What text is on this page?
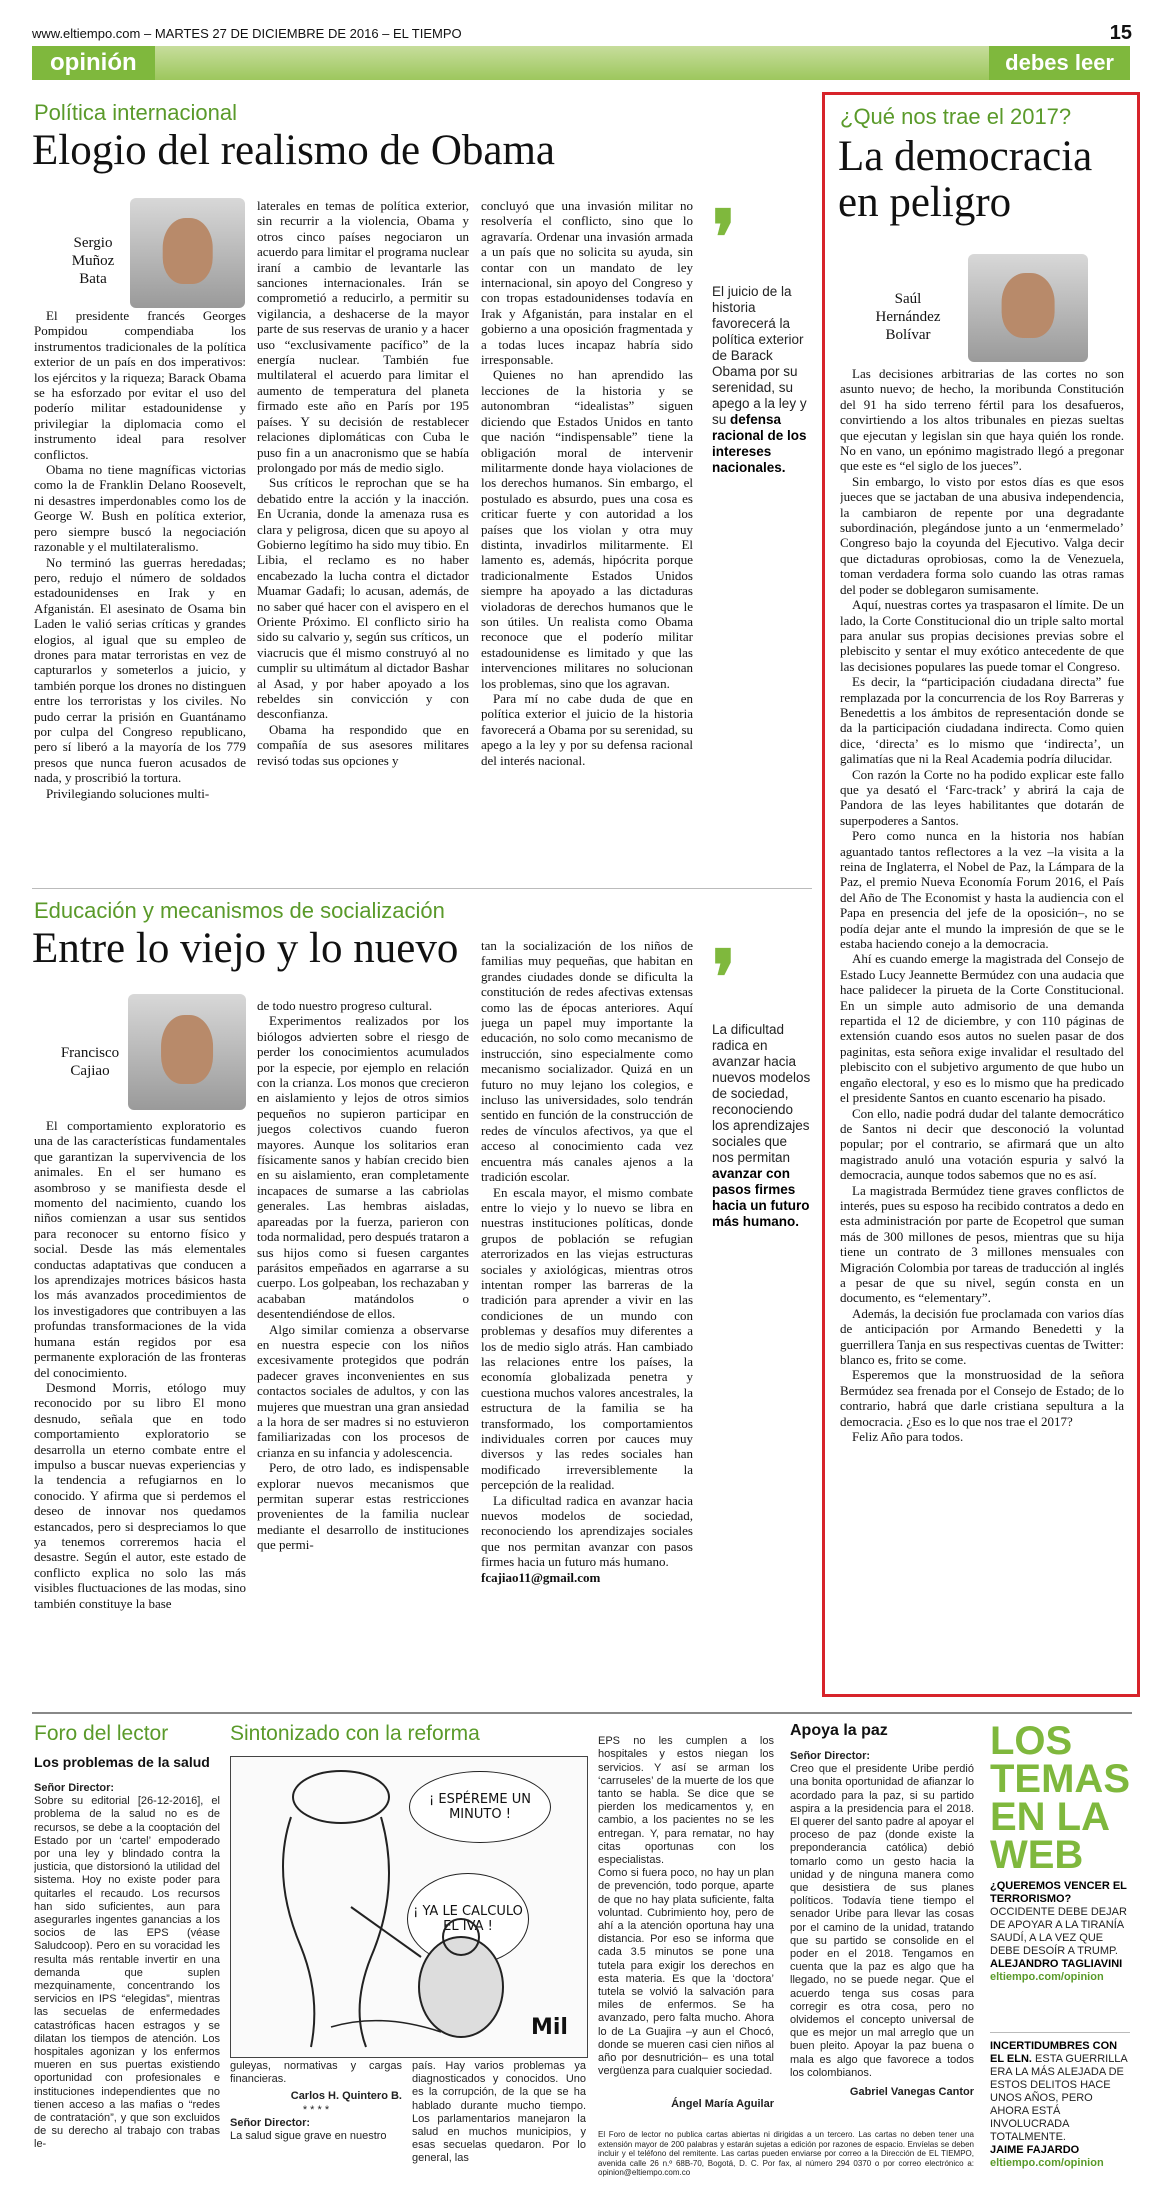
www.eltiempo.com – MARTES 27 DE DICIEMBRE DE 2016 – EL TIEMPO	15
opinión	debes leer
Política internacional
Elogio del realismo de Obama
Sergio
Muñoz
Bata

El presidente francés Georges Pompidou compendiaba los instrumentos tradicionales de la política exterior de un país en dos imperativos: los ejércitos y la riqueza; Barack Obama se ha esforzado por evitar el uso del poderío militar estadounidense y privilegiar la diplomacia como el instrumento ideal para resolver conflictos.

Obama no tiene magníficas victorias como la de Franklin Delano Roosevelt, ni desastres imperdonables como los de George W. Bush en política exterior, pero siempre buscó la negociación razonable y el multilateralismo.

No terminó las guerras heredadas; pero, redujo el número de soldados estadounidenses en Irak y en Afganistán. El asesinato de Osama bin Laden le valió serias críticas y grandes elogios, al igual que su empleo de drones para matar terroristas en vez de capturarlos y someterlos a juicio, y también porque los drones no distinguen entre los terroristas y los civiles. No pudo cerrar la prisión en Guantánamo por culpa del Congreso republicano, pero sí liberó a la mayoría de los 779 presos que nunca fueron acusados de nada, y proscribió la tortura.

Privilegiando soluciones multi-

laterales en temas de política exterior, sin recurrir a la violencia, Obama y otros cinco países negociaron un acuerdo para limitar el programa nuclear iraní a cambio de levantarle las sanciones internacionales. Irán se comprometió a reducirlo, a permitir su vigilancia, a deshacerse de la mayor parte de sus reservas de uranio y a hacer uso “exclusivamente pacífico” de la energía nuclear. También fue multilateral el acuerdo para limitar el aumento de temperatura del planeta firmado este año en París por 195 países. Y su decisión de restablecer relaciones diplomáticas con Cuba le puso fin a un anacronismo que se había prolongado por más de medio siglo.

Sus críticos le reprochan que se ha debatido entre la acción y la inacción. En Ucrania, donde la amenaza rusa es clara y peligrosa, dicen que su apoyo al Gobierno legítimo ha sido muy tibio. En Libia, el reclamo es no haber encabezado la lucha contra el dictador Muamar Gadafi; lo acusan, además, de no saber qué hacer con el avispero en el Oriente Próximo. El conflicto sirio ha sido su calvario y, según sus críticos, un viacrucis que él mismo construyó al no cumplir su ultimátum al dictador Bashar al Asad, y por haber apoyado a los rebeldes sin convicción y con desconfianza.

Obama ha respondido que en compañía de sus asesores militares revisó todas sus opciones y

concluyó que una invasión militar no resolvería el conflicto, sino que lo agravaría. Ordenar una invasión armada a un país que no solicita su ayuda, sin contar con un mandato de ley internacional, sin apoyo del Congreso y con tropas estadounidenses todavía en Irak y Afganistán, para instalar en el gobierno a una oposición fragmentada y a todas luces incapaz habría sido irresponsable.

Quienes no han aprendido las lecciones de la historia y se autonombran “idealistas” siguen diciendo que Estados Unidos en tanto que nación “indispensable” tiene la obligación moral de intervenir militarmente donde haya violaciones de los derechos humanos. Sin embargo, el postulado es absurdo, pues una cosa es criticar fuerte y con autoridad a los países que los violan y otra muy distinta, invadirlos militarmente. El lamento es, además, hipócrita porque tradicionalmente Estados Unidos siempre ha apoyado a las dictaduras violadoras de derechos humanos que le son útiles. Un realista como Obama reconoce que el poderío militar estadounidense es limitado y que las intervenciones militares no solucionan los problemas, sino que los agravan.

Para mí no cabe duda de que en política exterior el juicio de la historia favorecerá a Obama por su serenidad, su apego a la ley y por su defensa racional del interés nacional.

❜
El juicio de la historia favorecerá la política exterior de Barack Obama por su serenidad, su apego a la ley y su defensa racional de los intereses nacionales.
Educación y mecanismos de socialización
Entre lo viejo y lo nuevo
Francisco
Cajiao

El comportamiento exploratorio es una de las características fundamentales que garantizan la supervivencia de los animales. En el ser humano es asombroso y se manifiesta desde el momento del nacimiento, cuando los niños comienzan a usar sus sentidos para reconocer su entorno físico y social. Desde las más elementales conductas adaptativas que conducen a los aprendizajes motrices básicos hasta los más avanzados procedimientos de los investigadores que contribuyen a las profundas transformaciones de la vida humana están regidos por esa permanente exploración de las fronteras del conocimiento.

Desmond Morris, etólogo muy reconocido por su libro El mono desnudo, señala que en todo comportamiento exploratorio se desarrolla un eterno combate entre el impulso a buscar nuevas experiencias y la tendencia a refugiarnos en lo conocido. Y afirma que si perdemos el deseo de innovar nos quedamos estancados, pero si despreciamos lo que ya tenemos correremos hacia el desastre. Según el autor, este estado de conflicto explica no solo las más visibles fluctuaciones de las modas, sino también constituye la base

de todo nuestro progreso cultural.

Experimentos realizados por los biólogos advierten sobre el riesgo de perder los conocimientos acumulados por la especie, por ejemplo en relación con la crianza. Los monos que crecieron en aislamiento y lejos de otros simios pequeños no supieron participar en juegos colectivos cuando fueron mayores. Aunque los solitarios eran físicamente sanos y habían crecido bien en su aislamiento, eran completamente incapaces de sumarse a las cabriolas generales. Las hembras aisladas, apareadas por la fuerza, parieron con toda normalidad, pero después trataron a sus hijos como si fuesen cargantes parásitos empeñados en agarrarse a su cuerpo. Los golpeaban, los rechazaban y acababan matándolos o desentendiéndose de ellos.

Algo similar comienza a observarse en nuestra especie con los niños excesivamente protegidos que podrán padecer graves inconvenientes en sus contactos sociales de adultos, y con las mujeres que muestran una gran ansiedad a la hora de ser madres si no estuvieron familiarizadas con los procesos de crianza en su infancia y adolescencia.

Pero, de otro lado, es indispensable explorar nuevos mecanismos que permitan superar estas restricciones provenientes de la familia nuclear mediante el desarrollo de instituciones que permi-

tan la socialización de los niños de familias muy pequeñas, que habitan en grandes ciudades donde se dificulta la constitución de redes afectivas extensas como las de épocas anteriores. Aquí juega un papel muy importante la educación, no solo como mecanismo de instrucción, sino especialmente como mecanismo socializador. Quizá en un futuro no muy lejano los colegios, e incluso las universidades, solo tendrán sentido en función de la construcción de redes de vínculos afectivos, ya que el acceso al conocimiento cada vez encuentra más canales ajenos a la tradición escolar.

En escala mayor, el mismo combate entre lo viejo y lo nuevo se libra en nuestras instituciones políticas, donde grupos de población se refugian aterrorizados en las viejas estructuras sociales y axiológicas, mientras otros intentan romper las barreras de la tradición para aprender a vivir en las condiciones de un mundo con problemas y desafíos muy diferentes a los de medio siglo atrás. Han cambiado las relaciones entre los países, la economía globalizada penetra y cuestiona muchos valores ancestrales, la estructura de la familia se ha transformado, los comportamientos individuales corren por cauces muy diversos y las redes sociales han modificado irreversiblemente la percepción de la realidad.

La dificultad radica en avanzar hacia nuevos modelos de sociedad, reconociendo los aprendizajes sociales que nos permitan avanzar con pasos firmes hacia un futuro más humano.

fcajiao11@gmail.com

❜
La dificultad radica en avanzar hacia nuevos modelos de sociedad, reconociendo los aprendizajes sociales que nos permitan avanzar con pasos firmes hacia un futuro más humano.
¿Qué nos trae el 2017?
La democracia en peligro
Saúl
Hernández
Bolívar

Las decisiones arbitrarias de las cortes no son asunto nuevo; de hecho, la moribunda Constitución del 91 ha sido terreno fértil para los desafueros, convirtiendo a los altos tribunales en piezas sueltas que ejecutan y legislan sin que haya quién los ronde. No en vano, un epónimo magistrado llegó a pregonar que este es “el siglo de los jueces”.

Sin embargo, lo visto por estos días es que esos jueces que se jactaban de una abusiva independencia, la cambiaron de repente por una degradante subordinación, plegándose junto a un ‘enmermelado’ Congreso bajo la coyunda del Ejecutivo. Valga decir que dictaduras oprobiosas, como la de Venezuela, toman verdadera forma solo cuando las otras ramas del poder se doblegaron sumisamente.

Aquí, nuestras cortes ya traspasaron el límite. De un lado, la Corte Constitucional dio un triple salto mortal para anular sus propias decisiones previas sobre el plebiscito y sentar el muy exótico antecedente de que las decisiones populares las puede tomar el Congreso.

Es decir, la “participación ciudadana directa” fue remplazada por la concurrencia de los Roy Barreras y Benedettis a los ámbitos de representación donde se da la participación ciudadana indirecta. Como quien dice, ‘directa’ es lo mismo que ‘indirecta’, un galimatías que ni la Real Academia podría dilucidar.

Con razón la Corte no ha podido explicar este fallo que ya desató el ‘Farc-track’ y abrirá la caja de Pandora de las leyes habilitantes que dotarán de superpoderes a Santos.

Pero como nunca en la historia nos habían aguantado tantos reflectores a la vez –la visita a la reina de Inglaterra, el Nobel de Paz, la Lámpara de la Paz, el premio Nueva Economía Forum 2016, el País del Año de The Economist y hasta la audiencia con el Papa en presencia del jefe de la oposición–, no se podía dejar ante el mundo la impresión de que se le estaba haciendo conejo a la democracia.

Ahí es cuando emerge la magistrada del Consejo de Estado Lucy Jeannette Bermúdez con una audacia que hace palidecer la pirueta de la Corte Constitucional. En un simple auto admisorio de una demanda repartida el 12 de diciembre, y con 110 páginas de extensión cuando esos autos no suelen pasar de dos paginitas, esta señora exige invalidar el resultado del plebiscito con el subjetivo argumento de que hubo un engaño electoral, y eso es lo mismo que ha predicado el presidente Santos en cuanto escenario ha pisado.

Con ello, nadie podrá dudar del talante democrático de Santos ni decir que desconoció la voluntad popular; por el contrario, se afirmará que un alto magistrado anuló una votación espuria y salvó la democracia, aunque todos sabemos que no es así.

La magistrada Bermúdez tiene graves conflictos de interés, pues su esposo ha recibido contratos a dedo en esta administración por parte de Ecopetrol que suman más de 300 millones de pesos, mientras que su hija tiene un contrato de 3 millones mensuales con Migración Colombia por tareas de traducción al inglés a pesar de que su nivel, según consta en un documento, es “elementary”.

Además, la decisión fue proclamada con varios días de anticipación por Armando Benedetti y la guerrillera Tanja en sus respectivas cuentas de Twitter: blanco es, frito se come.

Esperemos que la monstruosidad de la señora Bermúdez sea frenada por el Consejo de Estado; de lo contrario, habrá que darle cristiana sepultura a la democracia. ¿Eso es lo que nos trae el 2017?

Feliz Año para todos.

Foro del lector
Los problemas de la salud

Señor Director:

Sobre su editorial [26-12-2016], el problema de la salud no es de recursos, se debe a la cooptación del Estado por un ‘cartel’ empoderado por una ley y blindado contra la justicia, que distorsionó la utilidad del sistema. Hoy no existe poder para quitarles el recaudo. Los recursos han sido suficientes, aun para asegurarles ingentes ganancias a los socios de las EPS (véase Saludcoop). Pero en su voracidad les resulta más rentable invertir en una demanda que suplen mezquinamente, concentrando los servicios en IPS “elegidas”, mientras las secuelas de enfermedades catastróficas hacen estragos y se dilatan los tiempos de atención. Los hospitales agonizan y los enfermos mueren en sus puertas existiendo oportunidad con profesionales e instituciones independientes que no tienen acceso a las mafias o “redes de contratación”, y que son excluidos de su derecho al trabajo con trabas le-

Sintonizado con la reforma
¡ ESPÉREME UN MINUTO !
¡ YA LE CALCULO EL IVA !
Mil

guleyas, normativas y cargas financieras.

Carlos H. Quintero B.

* * * *

Señor Director:

La salud sigue grave en nuestro

país. Hay varios problemas ya diagnosticados y conocidos. Uno es la corrupción, de la que se ha hablado durante mucho tiempo. Los parlamentarios manejaron la salud en muchos municipios, y esas secuelas quedaron. Por lo general, las

EPS no les cumplen a los hospitales y estos niegan los servicios. Y así se arman los ‘carruseles’ de la muerte de los que tanto se habla. Se dice que se pierden los medicamentos y, en cambio, a los pacientes no se les entregan. Y, para rematar, no hay citas oportunas con los especialistas.
Como si fuera poco, no hay un plan de prevención, todo porque, aparte de que no hay plata suficiente, falta voluntad. Cubrimiento hoy, pero de ahí a la atención oportuna hay una distancia. Por eso se informa que cada 3.5 minutos se pone una tutela para exigir los derechos en esta materia. Es que la ‘doctora’ tutela se volvió la salvación para miles de enfermos. Se ha avanzado, pero falta mucho. Ahora lo de La Guajira –y aun el Chocó, donde se mueren casi cien niños al año por desnutrición– es una total vergüenza para cualquier sociedad.

Ángel María Aguilar

El Foro de lector no publica cartas abiertas ni dirigidas a un tercero. Las cartas no deben tener una extensión mayor de 200 palabras y estarán sujetas a edición por razones de espacio. Envíelas se deben incluir y el teléfono del remitente. Las cartas pueden enviarse por correo a la Dirección de EL TIEMPO, avenida calle 26 n.º 68B-70, Bogotá, D. C. Por fax, al número 294 0370 o por correo electrónico a: opinion@eltiempo.com.co

Apoya la paz

Señor Director:

Creo que el presidente Uribe perdió una bonita oportunidad de afianzar lo acordado para la paz, si su partido aspira a la presidencia para el 2018. El querer del santo padre al apoyar el proceso de paz (donde existe la preponderancia católica) debió tomarlo como un gesto hacia la unidad y de ninguna manera como que desistiera de sus planes políticos. Todavía tiene tiempo el senador Uribe para llevar las cosas por el camino de la unidad, tratando que su partido se consolide en el poder en el 2018. Tengamos en cuenta que la paz es algo que ha llegado, no se puede negar. Que el acuerdo tenga sus cosas para corregir es otra cosa, pero no olvidemos el concepto universal de que es mejor un mal arreglo que un buen pleito. Apoyar la paz buena o mala es algo que favorece a todos los colombianos.

Gabriel Vanegas Cantor

LOS TEMAS EN LA WEB
¿QUEREMOS VENCER EL TERRORISMO? OCCIDENTE DEBE DEJAR DE APOYAR A LA TIRANÍA SAUDÍ, A LA VEZ QUE DEBE DESOÍR A TRUMP.
ALEJANDRO TAGLIAVINI
eltiempo.com/opinion
INCERTIDUMBRES CON EL ELN. ESTA GUERRILLA ERA LA MÁS ALEJADA DE ESTOS DELITOS HACE UNOS AÑOS, PERO AHORA ESTÁ INVOLUCRADA TOTALMENTE.
JAIME FAJARDO
eltiempo.com/opinion
